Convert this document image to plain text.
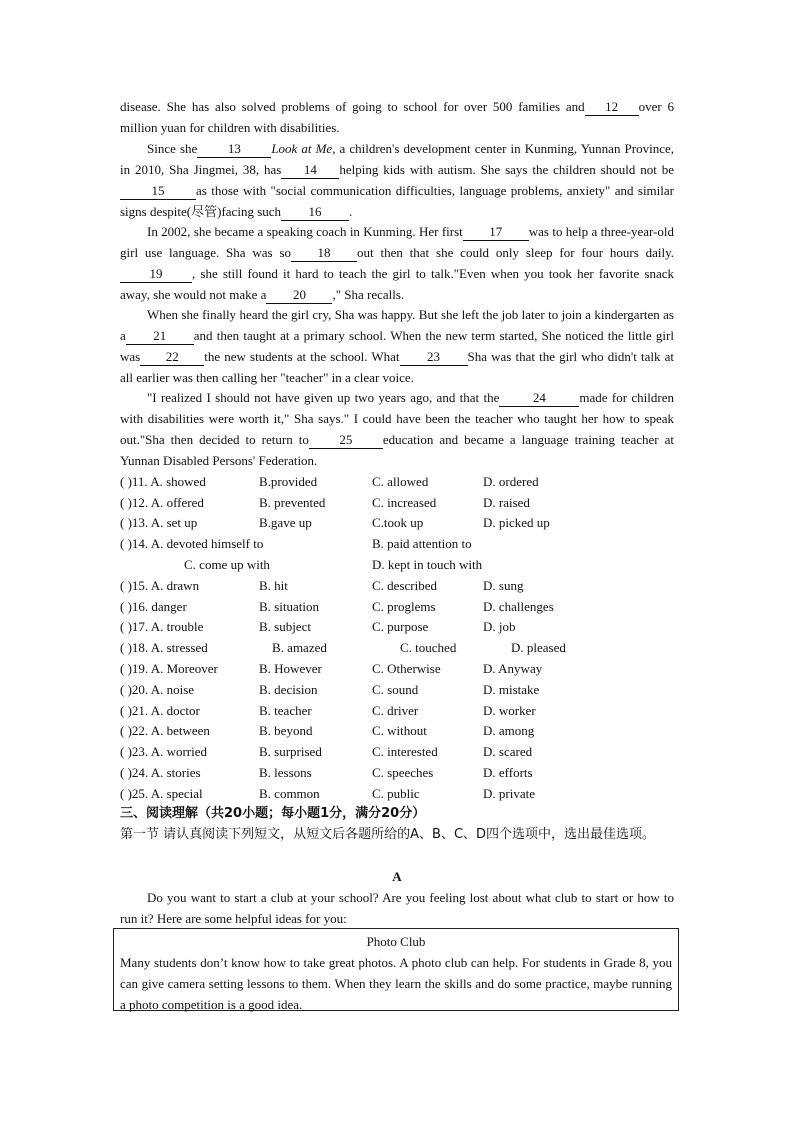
disease. She has also solved problems of going to school for over 500 families and 12 over 6 million yuan for children with disabilities.

Since she 13 Look at Me, a children's development center in Kunming, Yunnan Province, in 2010, Sha Jingmei, 38, has 14 helping kids with autism. She says the children should not be15 as those with "social communication difficulties, language problems, anxiety" and similar signs despite(尽管)facing such 16 .

In 2002, she became a speaking coach in Kunming. Her first 17 was to help a three-year-old girl use language. Sha was so 18 out then that she could only sleep for four hours daily.19 , she still found it hard to teach the girl to talk."Even when you took her favorite snack away, she would not make a 20 ," Sha recalls.

When she finally heard the girl cry, Sha was happy. But she left the job later to join a kindergarten as a 21 and then taught at a primary school. When the new term started, She noticed the little girl was 22 the new students at the school. What 23 Sha was that the girl who didn't talk at all earlier was then calling her "teacher" in a clear voice.

"I realized I should not have given up two years ago, and that the	24	made for children with disabilities were worth it," Sha says." I could have been the teacher who taught her how to speak out."Sha then decided to return to 25 education and became a language training teacher at Yunnan Disabled Persons' Federation.

( )11. A. showed	B.provided	C. allowed	D. ordered
( )12. A. offered	B. prevented	C. increased	D. raised
( )13. A. set up	B.gave up	C.took up	D. picked up
( )14. A. devoted himself to	B. paid attention to
C. come up with	D. kept in touch with
( )15. A. drawn	B. hit	C. described	D. sung
( )16. danger	B. situation	C. proglems	D. challenges
( )17. A. trouble	B. subject	C. purpose	D. job
( )18. A. stressed	B. amazed	C. touched	D. pleased
( )19. A. Moreover	B. However	C. Otherwise	D. Anyway
( )20. A. noise	B. decision	C. sound	D. mistake
( )21. A. doctor	B. teacher	C. driver	D. worker
( )22. A. between	B. beyond	C. without	D. among
( )23. A. worried	B. surprised	C. interested	D. scared
( )24. A. stories	B. lessons	C. speeches	D. efforts
( )25. A. special	B. common	C. public	D. private

三、阅读理解（共20小题；每小题1分，满分20分）

第一节 请认真阅读下列短文，从短文后各题所给的A、B、C、D四个选项中，选出最佳选项。

A

Do you want to start a club at your school? Are you feeling lost about what club to start or how to run it? Here are some helpful ideas for you:

Photo Club
Many students don’t know how to take great photos. A photo club can help. For students in Grade 8, you can give camera setting lessons to them. When they learn the skills and do some practice, maybe running a photo competition is a good idea.
